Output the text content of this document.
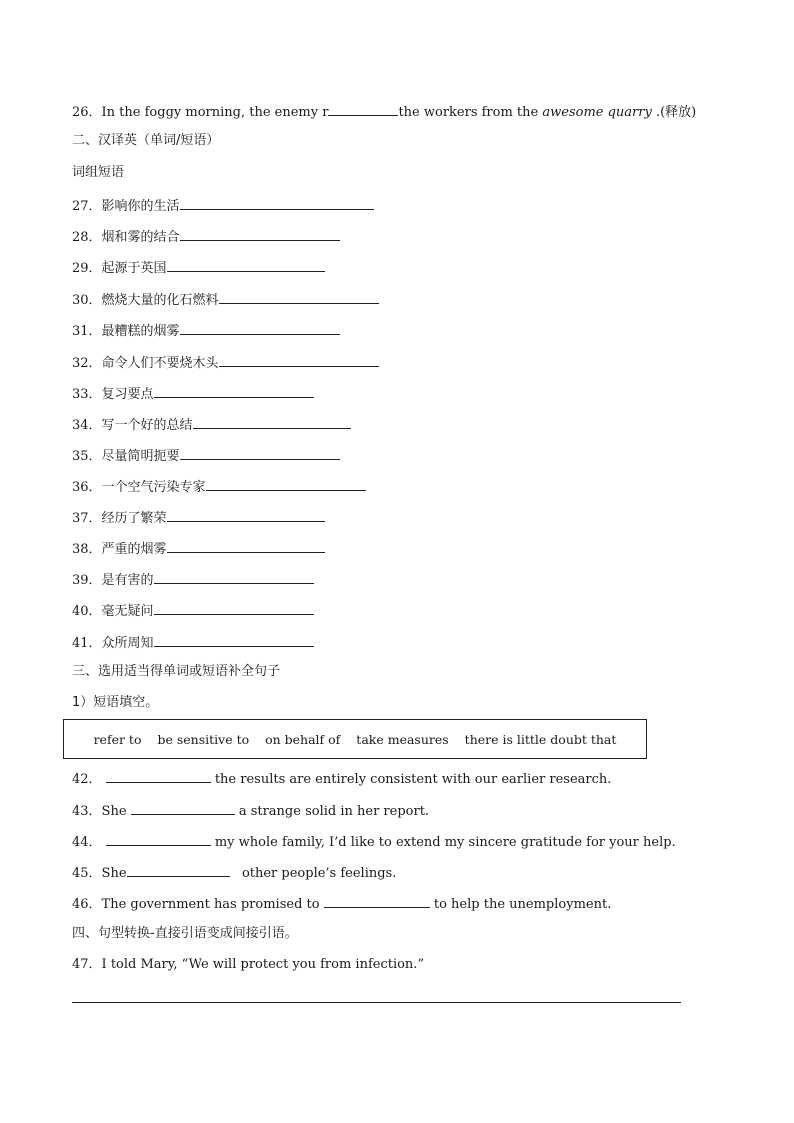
26．In the foggy morning, the enemy r	the workers from the awesome quarry .(释放)
二、汉译英（单词/短语）
词组短语
27．影响你的生活
28．烟和雾的结合
29．起源于英国
30．燃烧大量的化石燃料
31．最糟糕的烟雾
32．命令人们不要烧木头
33．复习要点
34．写一个好的总结
35．尽量简明扼要
36．一个空气污染专家
37．经历了繁荣
38．严重的烟雾
39．是有害的
40．毫无疑问
41．众所周知
三、选用适当得单词或短语补全句子
1）短语填空。
refer to be sensitive to on behalf of take measures there is little doubt that
42．	the results are entirely consistent with our earlier research.
43．She	a strange solid in her report.
44．	my whole family, I’d like to extend my sincere gratitude for your help.
45．She	other people’s feelings.
46．The government has promised to	to help the unemployment.
四、句型转换-直接引语变成间接引语。
47．I told Mary, “We will protect you from infection.”
